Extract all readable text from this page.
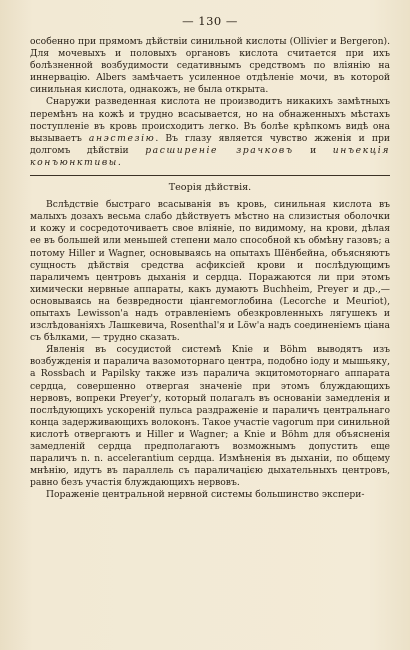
— 130 —

особенно при прямомъ дѣйствіи синильной кислоты (Ollivier и Bergeron). Для мочевыхъ и половыхъ органовъ кислота считается при ихъ болѣзненной возбудимости седативнымъ средствомъ по вліянію на иннервацію. Albers замѣчаетъ усиленное отдѣленіе мочи, въ которой синильная кислота, однакожъ, не была открыта.

Снаружи разведенная кислота не производитъ никакихъ замѣтныхъ перемѣнъ на кожѣ и трудно всасывается, но на обнаженныхъ мѣстахъ поступленіе въ кровь происходитъ легко. Въ болѣе крѣпкомъ видѣ она вызываетъ анэстезію. Въ глазу является чувство жженія и при долгомъ дѣйствіи расширеніе зрачковъ и инъекція конъюнктивы.

Теорія дѣйствія.

Вслѣдствіе быстраго всасыванія въ кровь, синильная кислота въ малыхъ дозахъ весьма слабо дѣйствуетъ мѣстно на слизистыя оболочки и кожу и сосредоточиваетъ свое вліяніе, по видимому, на крови, дѣлая ее въ большей или меньшей степени мало способной къ обмѣну газовъ; а потому Hiller и Wagner, основываясь на опытахъ Шёнбейна, объясняютъ сущность дѣйствія средства асфиксіей крови и послѣдующимъ параличемъ центровъ дыханія и сердца. Поражаются ли при этомъ химически нервные аппараты, какъ думаютъ Buchheim, Preyer и др.,—основываясь на безвредности ціангемоглобина (Lecorche и Meuriot), опытахъ Lewisson'а надъ отравленіемъ обезкровленныхъ лягушекъ и изслѣдованіяхъ Лашкевича, Rosenthal'я и Löw'а надъ соединеніемъ ціана съ бѣлками, — трудно сказать.

Явленія въ сосудистой системѣ Knie и Böhm выводятъ изъ возбужденія и паралича вазомоторнаго центра, подобно іоду и мышьяку, а Rossbach и Papilsky также изъ паралича экцитомоторнаго аппарата сердца, совершенно отвергая значеніе при этомъ блуждающихъ нервовъ, вопреки Preyer'у, который полагалъ въ основаніи замедленія и послѣдующихъ ускореній пульса раздраженіе и параличъ центральнаго конца задерживающихъ волоконъ. Такое участіе vagorum при синильной кислотѣ отвергаютъ и Hiller и Wagner; а Knie и Böhm для объясненія замедленій сердца предполагаютъ возможнымъ допустить еще параличъ n. n. accelerantium сердца. Измѣненія въ дыханіи, по общему мнѣнію, идутъ въ параллель съ параличацією дыхательныхъ центровъ, равно безъ участія блуждающихъ нервовъ.

Пораженіе центральной нервной системы большинство экспери-
